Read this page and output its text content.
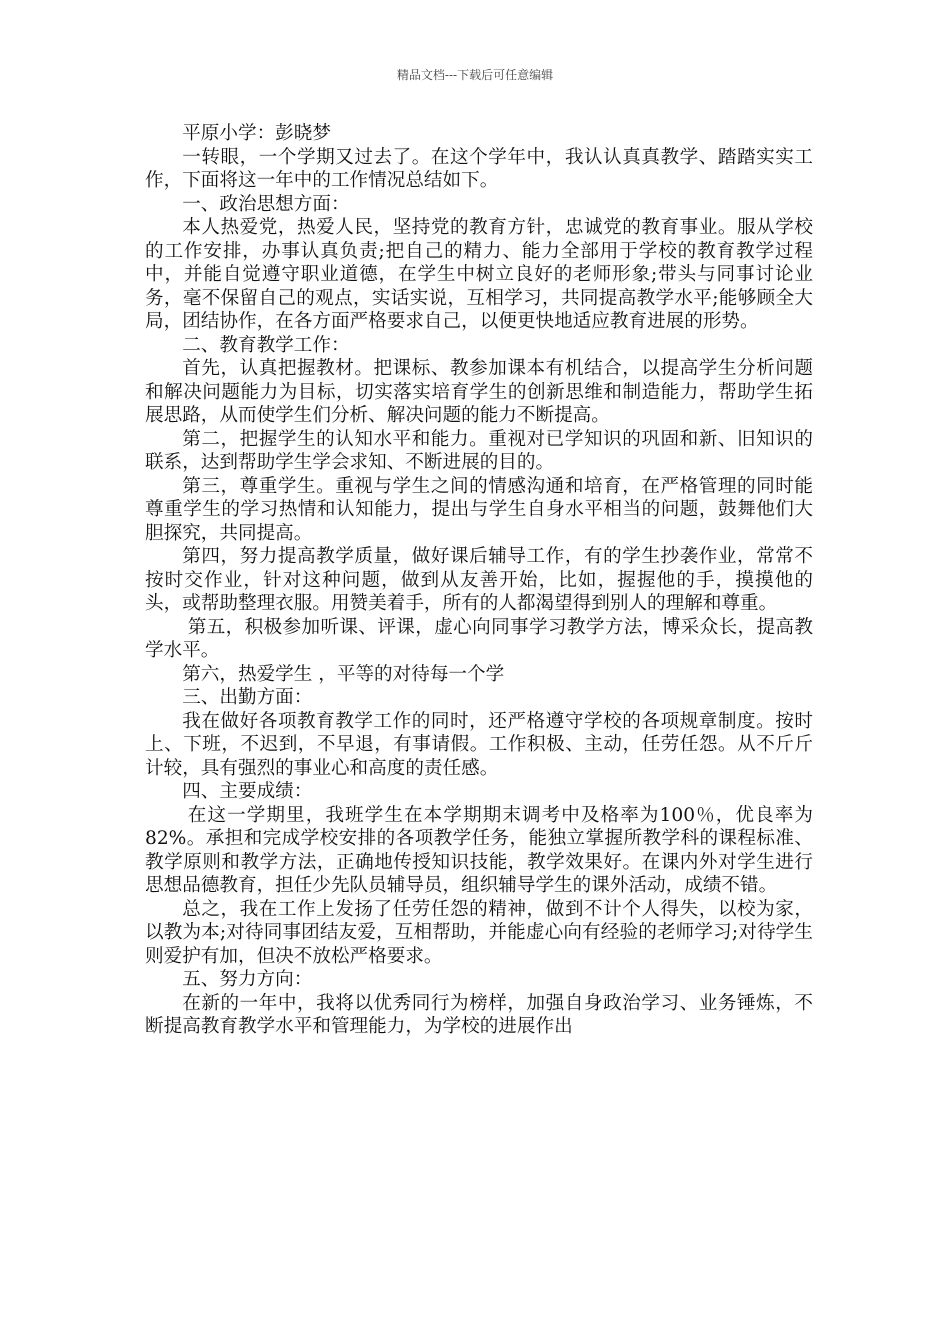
精品文档---下载后可任意编辑

平原小学：彭晓梦

一转眼，一个学期又过去了。在这个学年中，我认认真真教学、踏踏实实工作，下面将这一年中的工作情况总结如下。

一、政治思想方面：

本人热爱党，热爱人民，坚持党的教育方针，忠诚党的教育事业。服从学校的工作安排，办事认真负责;把自己的精力、能力全部用于学校的教育教学过程中，并能自觉遵守职业道德，在学生中树立良好的老师形象;带头与同事讨论业务，毫不保留自己的观点，实话实说，互相学习，共同提高教学水平;能够顾全大局，团结协作，在各方面严格要求自己，以便更快地适应教育进展的形势。

二、教育教学工作：

首先，认真把握教材。把课标、教参加课本有机结合，以提高学生分析问题和解决问题能力为目标，切实落实培育学生的创新思维和制造能力，帮助学生拓展思路，从而使学生们分析、解决问题的能力不断提高。

第二，把握学生的认知水平和能力。重视对已学知识的巩固和新、旧知识的联系，达到帮助学生学会求知、不断进展的目的。

第三，尊重学生。重视与学生之间的情感沟通和培育，在严格管理的同时能尊重学生的学习热情和认知能力，提出与学生自身水平相当的问题，鼓舞他们大胆探究，共同提高。

第四，努力提高教学质量，做好课后辅导工作，有的学生抄袭作业，常常不按时交作业，针对这种问题，做到从友善开始，比如，握握他的手，摸摸他的头，或帮助整理衣服。用赞美着手，所有的人都渴望得到别人的理解和尊重。

第五，积极参加听课、评课，虚心向同事学习教学方法，博采众长，提高教学水平。

第六，热爱学生 ，平等的对待每一个学

三、出勤方面：

我在做好各项教育教学工作的同时，还严格遵守学校的各项规章制度。按时上、下班，不迟到，不早退，有事请假。工作积极、主动，任劳任怨。从不斤斤计较，具有强烈的事业心和高度的责任感。

四、主要成绩：

在这一学期里，我班学生在本学期期末调考中及格率为100％，优良率为82%。承担和完成学校安排的各项教学任务，能独立掌握所教学科的课程标准、教学原则和教学方法，正确地传授知识技能，教学效果好。在课内外对学生进行思想品德教育，担任少先队员辅导员，组织辅导学生的课外活动，成绩不错。

总之，我在工作上发扬了任劳任怨的精神，做到不计个人得失，以校为家，以教为本;对待同事团结友爱，互相帮助，并能虚心向有经验的老师学习;对待学生则爱护有加，但决不放松严格要求。

五、努力方向：

在新的一年中，我将以优秀同行为榜样，加强自身政治学习、业务锤炼，不断提高教育教学水平和管理能力，为学校的进展作出
